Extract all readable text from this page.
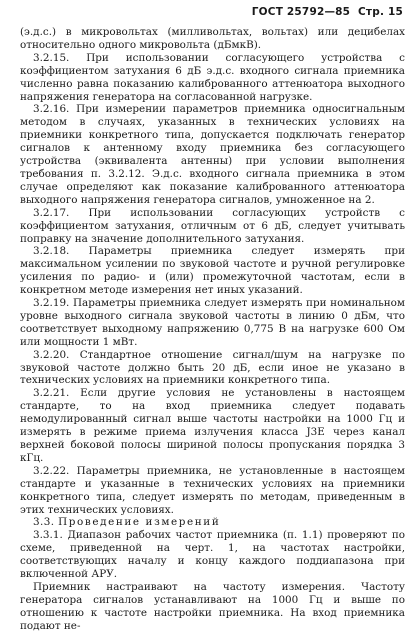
ГОСТ 25792—85 Стр. 15

(э.д.с.) в микровольтах (милливольтах, вольтах) или децибелах относительно одного микровольта (дБмкВ).

3.2.15. При использовании согласующего устройства с коэффициентом затухания 6 дБ э.д.с. входного сигнала приемника численно равна показанию калиброванного аттенюатора выходного напряжения генератора на согласованной нагрузке.

3.2.16. При измерении параметров приемника односигнальным методом в случаях, указанных в технических условиях на приемники конкретного типа, допускается подключать генератор сигналов к антенному входу приемника без согласующего устройства (эквивалента антенны) при условии выполнения требования п. 3.2.12. Э.д.с. входного сигнала приемника в этом случае определяют как показание калиброванного аттенюатора выходного напряжения генератора сигналов, умноженное на 2.

3.2.17. При использовании согласующих устройств с коэффициентом затухания, отличным от 6 дБ, следует учитывать поправку на значение дополнительного затухания.

3.2.18. Параметры приемника следует измерять при максимальном усилении по звуковой частоте и ручной регулировке усиления по радио- и (или) промежуточной частотам, если в конкретном методе измерения нет иных указаний.

3.2.19. Параметры приемника следует измерять при номинальном уровне выходного сигнала звуковой частоты в линию 0 дБм, что соответствует выходному напряжению 0,775 В на нагрузке 600 Ом или мощности 1 мВт.

3.2.20. Стандартное отношение сигнал/шум на нагрузке по звуковой частоте должно быть 20 дБ, если иное не указано в технических условиях на приемники конкретного типа.

3.2.21. Если другие условия не установлены в настоящем стандарте, то на вход приемника следует подавать немодулированный сигнал выше частоты настройки на 1000 Гц и измерять в режиме приема излучения класса J3E через канал верхней боковой полосы шириной полосы пропускания порядка 3 кГц.

3.2.22. Параметры приемника, не установленные в настоящем стандарте и указанные в технических условиях на приемники конкретного типа, следует измерять по методам, приведенным в этих технических условиях.

3.3. Проведение измерений

3.3.1. Диапазон рабочих частот приемника (п. 1.1) проверяют по схеме, приведенной на черт. 1, на частотах настройки, соответствующих началу и концу каждого поддиапазона при включенной АРУ.

Приемник настраивают на частоту измерения. Частоту генератора сигналов устанавливают на 1000 Гц и выше по отношению к частоте настройки приемника. На вход приемника подают не-
